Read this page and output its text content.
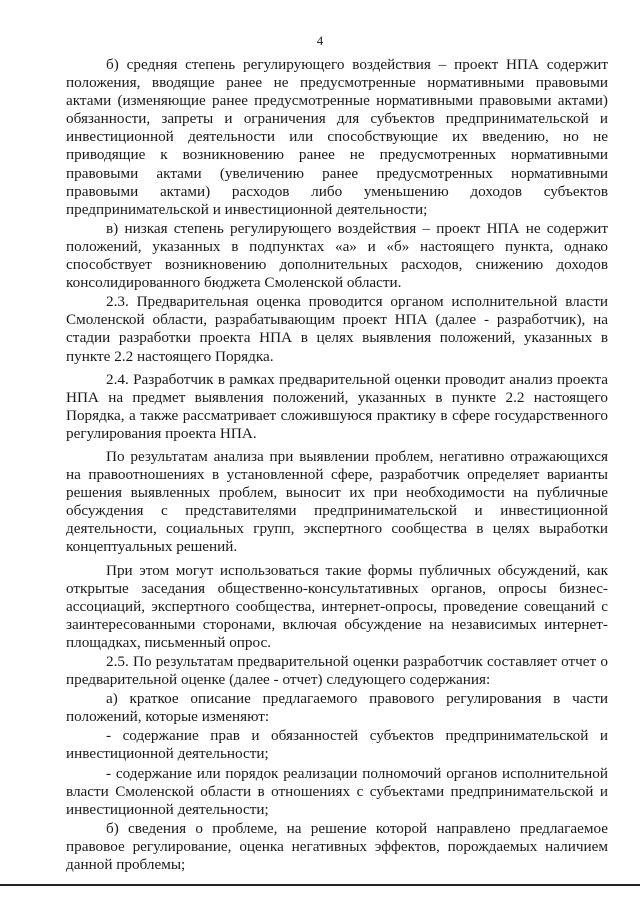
4

б) средняя степень регулирующего воздействия – проект НПА содержит положения, вводящие ранее не предусмотренные нормативными правовыми актами (изменяющие ранее предусмотренные нормативными правовыми актами) обязанности, запреты и ограничения для субъектов предпринимательской и инвестиционной деятельности или способствующие их введению, но не приводящие к возникновению ранее не предусмотренных нормативными правовыми актами (увеличению ранее предусмотренных нормативными правовыми актами) расходов либо уменьшению доходов субъектов предпринимательской и инвестиционной деятельности;

в) низкая степень регулирующего воздействия – проект НПА не содержит положений, указанных в подпунктах «а» и «б» настоящего пункта, однако способствует возникновению дополнительных расходов, снижению доходов консолидированного бюджета Смоленской области.

2.3. Предварительная оценка проводится органом исполнительной власти Смоленской области, разрабатывающим проект НПА (далее - разработчик), на стадии разработки проекта НПА в целях выявления положений, указанных в пункте 2.2 настоящего Порядка.

2.4. Разработчик в рамках предварительной оценки проводит анализ проекта НПА на предмет выявления положений, указанных в пункте 2.2 настоящего Порядка, а также рассматривает сложившуюся практику в сфере государственного регулирования проекта НПА.

По результатам анализа при выявлении проблем, негативно отражающихся на правоотношениях в установленной сфере, разработчик определяет варианты решения выявленных проблем, выносит их при необходимости на публичные обсуждения с представителями предпринимательской и инвестиционной деятельности, социальных групп, экспертного сообщества в целях выработки концептуальных решений.

При этом могут использоваться такие формы публичных обсуждений, как открытые заседания общественно-консультативных органов, опросы бизнес-ассоциаций, экспертного сообщества, интернет-опросы, проведение совещаний с заинтересованными сторонами, включая обсуждение на независимых интернет-площадках, письменный опрос.

2.5. По результатам предварительной оценки разработчик составляет отчет о предварительной оценке (далее - отчет) следующего содержания:

а) краткое описание предлагаемого правового регулирования в части положений, которые изменяют:

- содержание прав и обязанностей субъектов предпринимательской и инвестиционной деятельности;

- содержание или порядок реализации полномочий органов исполнительной власти Смоленской области в отношениях с субъектами предпринимательской и инвестиционной деятельности;

б) сведения о проблеме, на решение которой направлено предлагаемое правовое регулирование, оценка негативных эффектов, порождаемых наличием данной проблемы;
